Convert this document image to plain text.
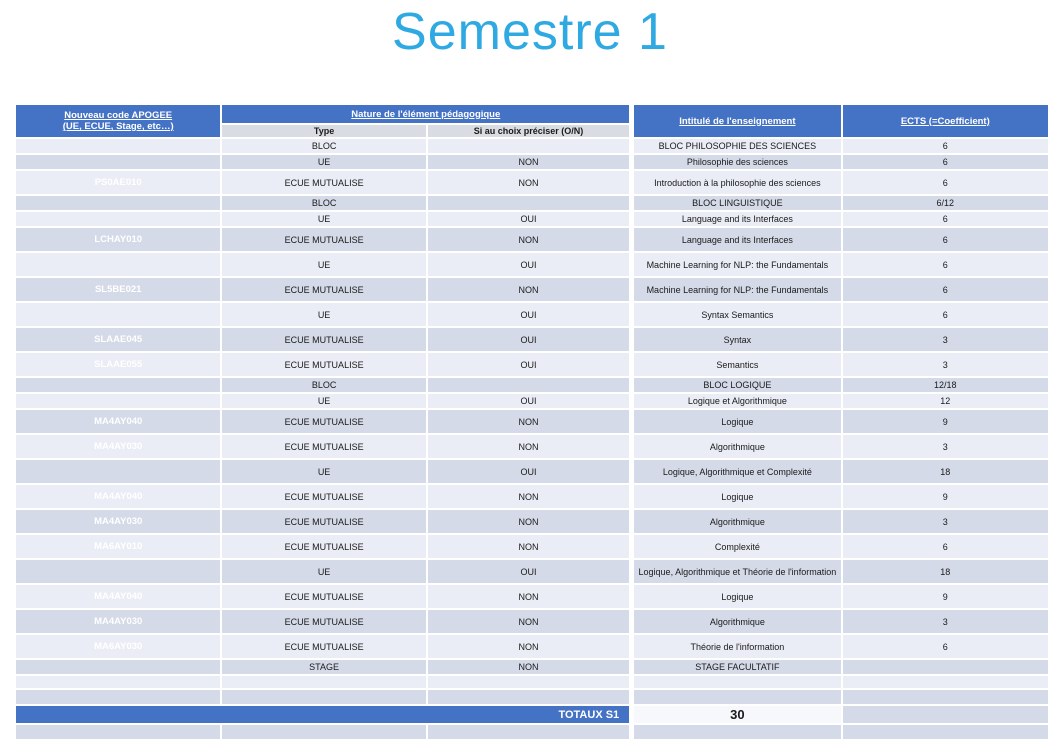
Semestre 1
Nouveau code APOGEE
(UE, ECUE, Stage, etc…)	Nature de l'élément pédagogique		Intitulé de l'enseignement	ECTS (=Coefficient)
	Type	Si au choix préciser (O/N)		
	BLOC		BLOC PHILOSOPHIE DES SCIENCES	6
	UE	NON	Philosophie des sciences	6
PS0AE010	ECUE MUTUALISE	NON	Introduction à la philosophie des sciences	6
	BLOC		BLOC LINGUISTIQUE	6/12
	UE	OUI	Language and its Interfaces	6
LCHAY010	ECUE MUTUALISE	NON	Language and its Interfaces	6
	UE	OUI	Machine Learning for NLP: the Fundamentals	6
SL5BE021	ECUE MUTUALISE	NON	Machine Learning for NLP: the Fundamentals	6
	UE	OUI	Syntax Semantics	6
SLAAE045	ECUE MUTUALISE	OUI	Syntax	3
SLAAE055	ECUE MUTUALISE	OUI	Semantics	3
	BLOC		BLOC LOGIQUE	12/18
	UE	OUI	Logique et Algorithmique	12
MA4AY040	ECUE MUTUALISE	NON	Logique	9
MA4AY030	ECUE MUTUALISE	NON	Algorithmique	3
	UE	OUI	Logique, Algorithmique et Complexité	18
MA4AY040	ECUE MUTUALISE	NON	Logique	9
MA4AY030	ECUE MUTUALISE	NON	Algorithmique	3
MA6AY010	ECUE MUTUALISE	NON	Complexité	6
	UE	OUI	Logique, Algorithmique et Théorie de l'information	18
MA4AY040	ECUE MUTUALISE	NON	Logique	9
MA4AY030	ECUE MUTUALISE	NON	Algorithmique	3
MA6AY030	ECUE MUTUALISE	NON	Théorie de l'information	6
	STAGE	NON	STAGE FACULTATIF	

TOTAUX S1			30	
